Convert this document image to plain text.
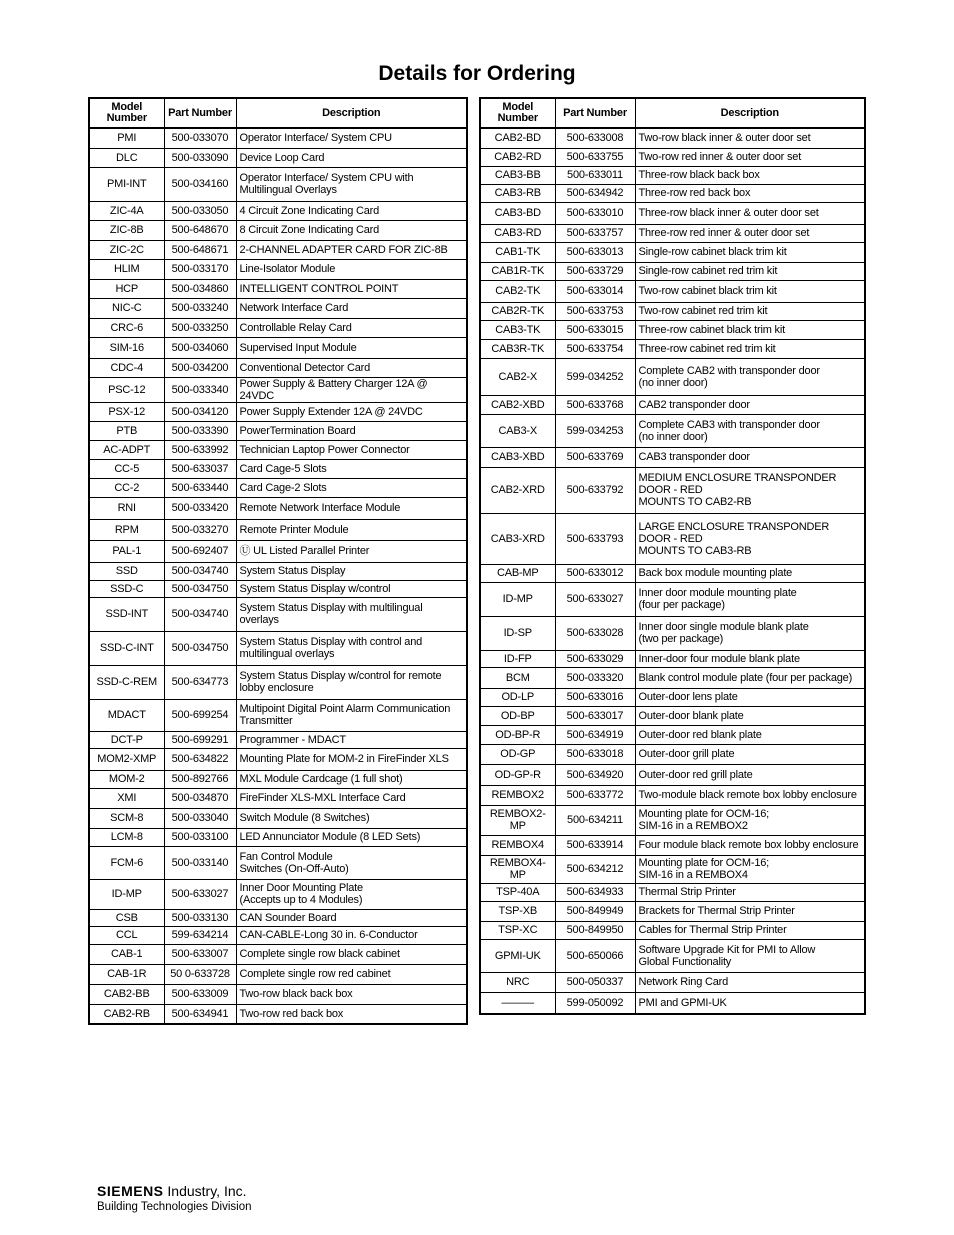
Details for Ordering
Model Number	Part Number	Description
PMI	500-033070	Operator Interface/ System CPU
DLC	500-033090	Device Loop Card
PMI-INT	500-034160	Operator Interface/ System CPU with
Multilingual Overlays
ZIC-4A	500-033050	4 Circuit Zone Indicating Card
ZIC-8B	500-648670	8 Circuit Zone Indicating Card
ZIC-2C	500-648671	2-CHANNEL ADAPTER CARD FOR ZIC-8B
HLIM	500-033170	Line-Isolator Module
HCP	500-034860	INTELLIGENT CONTROL POINT
NIC-C	500-033240	Network Interface Card
CRC-6	500-033250	Controllable Relay Card
SIM-16	500-034060	Supervised Input Module
CDC-4	500-034200	Conventional Detector Card
PSC-12	500-033340	Power Supply & Battery Charger 12A @ 24VDC
PSX-12	500-034120	Power Supply Extender 12A @ 24VDC
PTB	500-033390	PowerTermination Board
AC-ADPT	500-633992	Technician Laptop Power Connector
CC-5	500-633037	Card Cage-5 Slots
CC-2	500-633440	Card Cage-2 Slots
RNI	500-033420	Remote Network Interface Module
RPM	500-033270	Remote Printer Module
PAL-1	500-692407	Ⓤ UL Listed Parallel Printer
SSD	500-034740	System Status Display
SSD-C	500-034750	System Status Display w/control
SSD-INT	500-034740	System Status Display with multilingual
overlays
SSD-C-INT	500-034750	System Status Display with control and
multilingual overlays
SSD-C-REM	500-634773	System Status Display w/control for remote
lobby enclosure
MDACT	500-699254	Multipoint Digital Point Alarm Communication
Transmitter
DCT-P	500-699291	Programmer - MDACT
MOM2-XMP	500-634822	Mounting Plate for MOM-2 in FireFinder XLS
MOM-2	500-892766	MXL Module Cardcage (1 full shot)
XMI	500-034870	FireFinder XLS-MXL Interface Card
SCM-8	500-033040	Switch Module (8 Switches)
LCM-8	500-033100	LED Annunciator Module (8 LED Sets)
FCM-6	500-033140	Fan Control Module
Switches (On-Off-Auto)
ID-MP	500-633027	Inner Door Mounting Plate
(Accepts up to 4 Modules)
CSB	500-033130	CAN Sounder Board
CCL	599-634214	CAN-CABLE-Long 30 in. 6-Conductor
CAB-1	500-633007	Complete single row black cabinet
CAB-1R	50 0-633728	Complete single row red cabinet
CAB2-BB	500-633009	Two-row black back box
CAB2-RB	500-634941	Two-row red back box
Model Number	Part Number	Description
CAB2-BD	500-633008	Two-row black inner & outer door set
CAB2-RD	500-633755	Two-row red inner & outer door set
CAB3-BB	500-633011	Three-row black back box
CAB3-RB	500-634942	Three-row red back box
CAB3-BD	500-633010	Three-row black inner & outer door set
CAB3-RD	500-633757	Three-row red inner & outer door set
CAB1-TK	500-633013	Single-row cabinet black trim kit
CAB1R-TK	500-633729	Single-row cabinet red trim kit
CAB2-TK	500-633014	Two-row cabinet black trim kit
CAB2R-TK	500-633753	Two-row cabinet red trim kit
CAB3-TK	500-633015	Three-row cabinet black trim kit
CAB3R-TK	500-633754	Three-row cabinet red trim kit
CAB2-X	599-034252	Complete CAB2 with transponder door
(no inner door)
CAB2-XBD	500-633768	CAB2 transponder door
CAB3-X	599-034253	Complete CAB3 with transponder door
(no inner door)
CAB3-XBD	500-633769	CAB3 transponder door
CAB2-XRD	500-633792	MEDIUM ENCLOSURE TRANSPONDER
DOOR - RED
MOUNTS TO CAB2-RB
CAB3-XRD	500-633793	LARGE ENCLOSURE TRANSPONDER
DOOR - RED
MOUNTS TO CAB3-RB
CAB-MP	500-633012	Back box module mounting plate
ID-MP	500-633027	Inner door module mounting plate
(four per package)
ID-SP	500-633028	Inner door single module blank plate
(two per package)
ID-FP	500-633029	Inner-door four module blank plate
BCM	500-033320	Blank control module plate (four per package)
OD-LP	500-633016	Outer-door lens plate
OD-BP	500-633017	Outer-door blank plate
OD-BP-R	500-634919	Outer-door red blank plate
OD-GP	500-633018	Outer-door grill plate
OD-GP-R	500-634920	Outer-door red grill plate
REMBOX2	500-633772	Two-module black remote box lobby enclosure
REMBOX2-MP	500-634211	Mounting plate for OCM-16;
SIM-16 in a REMBOX2
REMBOX4	500-633914	Four module black remote box lobby enclosure
REMBOX4-MP	500-634212	Mounting plate for OCM-16;
SIM-16 in a REMBOX4
TSP-40A	500-634933	Thermal Strip Printer
TSP-XB	500-849949	Brackets for Thermal Strip Printer
TSP-XC	500-849950	Cables for Thermal Strip Printer
GPMI-UK	500-650066	Software Upgrade Kit for PMI to Allow
Global Functionality
NRC	500-050337	Network Ring Card
———	599-050092	PMI and GPMI-UK
SIEMENS Industry, Inc.
Building Technologies Division
